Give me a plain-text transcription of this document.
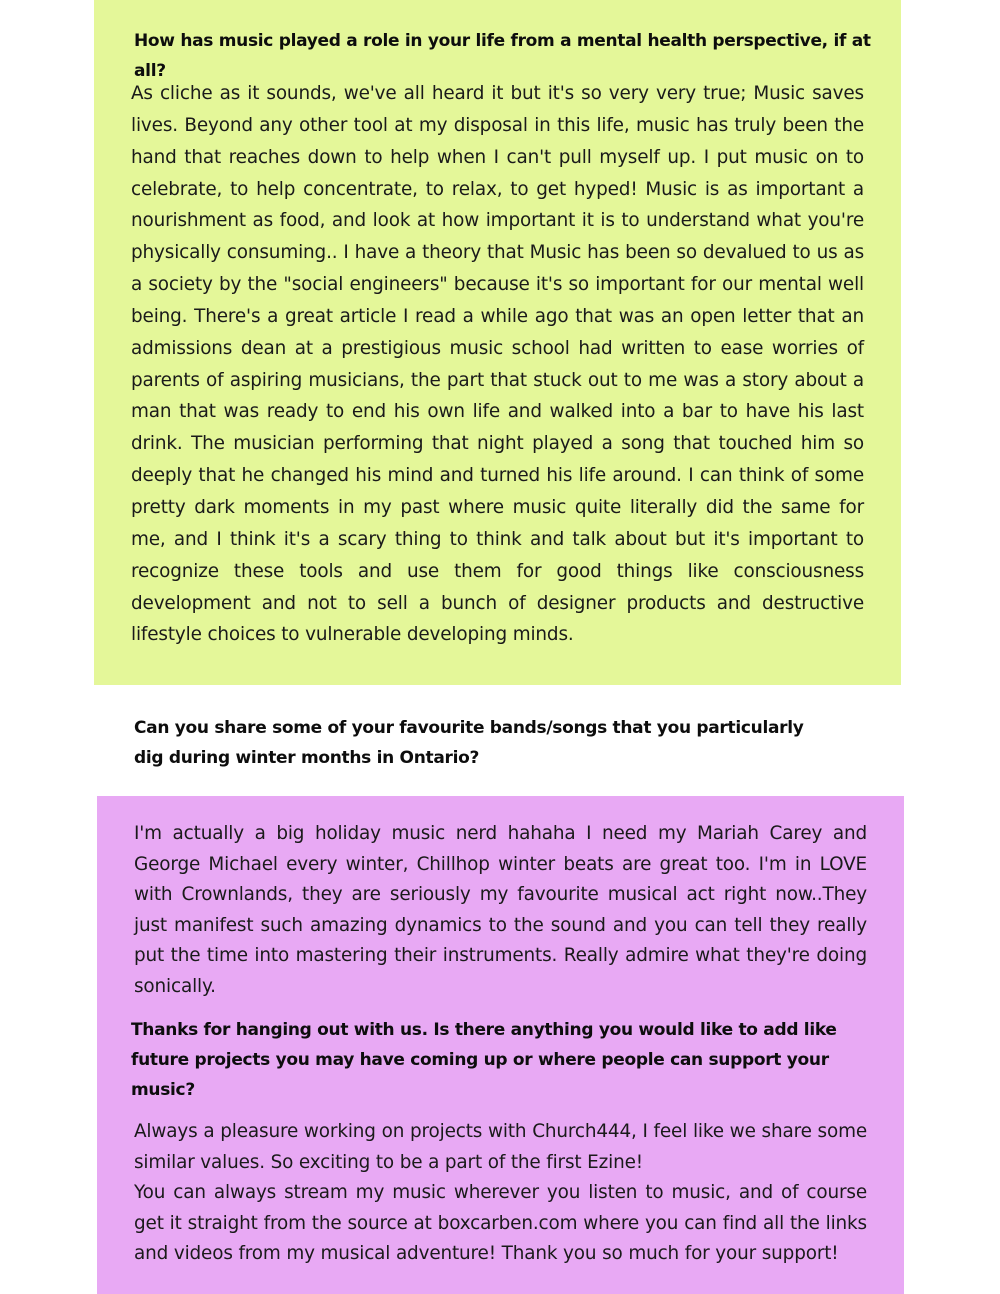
How has music played a role in your life from a mental health perspective, if at all?
As cliche as it sounds, we've all heard it but it's so very very true; Music saves lives. Beyond any other tool at my disposal in this life, music has truly been the hand that reaches down to help when I can't pull myself up. I put music on to celebrate, to help concentrate, to relax, to get hyped! Music is as important a nourishment as food, and look at how important it is to understand what you're physically consuming.. I have a theory that Music has been so devalued to us as a society by the "social engineers" because it's so important for our mental well being. There's a great article I read a while ago that was an open letter that an admissions dean at a prestigious music school had written to ease worries of parents of aspiring musicians, the part that stuck out to me was a story about a man that was ready to end his own life and walked into a bar to have his last drink. The musician performing that night played a song that touched him so deeply that he changed his mind and turned his life around. I can think of some pretty dark moments in my past where music quite literally did the same for me, and I think it's a scary thing to think and talk about but it's important to recognize these tools and use them for good things like consciousness development and not to sell a bunch of designer products and destructive lifestyle choices to vulnerable developing minds.
Can you share some of your favourite bands/songs that you particularly dig during winter months in Ontario?
I'm actually a big holiday music nerd hahaha I need my Mariah Carey and George Michael every winter, Chillhop winter beats are great too. I'm in LOVE with Crownlands, they are seriously my favourite musical act right now..They just manifest such amazing dynamics to the sound and you can tell they really put the time into mastering their instruments. Really admire what they're doing sonically.
Thanks for hanging out with us. Is there anything you would like to add like future projects you may have coming up or where people can support your music?
Always a pleasure working on projects with Church444, I feel like we share some similar values. So exciting to be a part of the first Ezine!
You can always stream my music wherever you listen to music, and of course get it straight from the source at boxcarben.com where you can find all the links and videos from my musical adventure! Thank you so much for your support!
